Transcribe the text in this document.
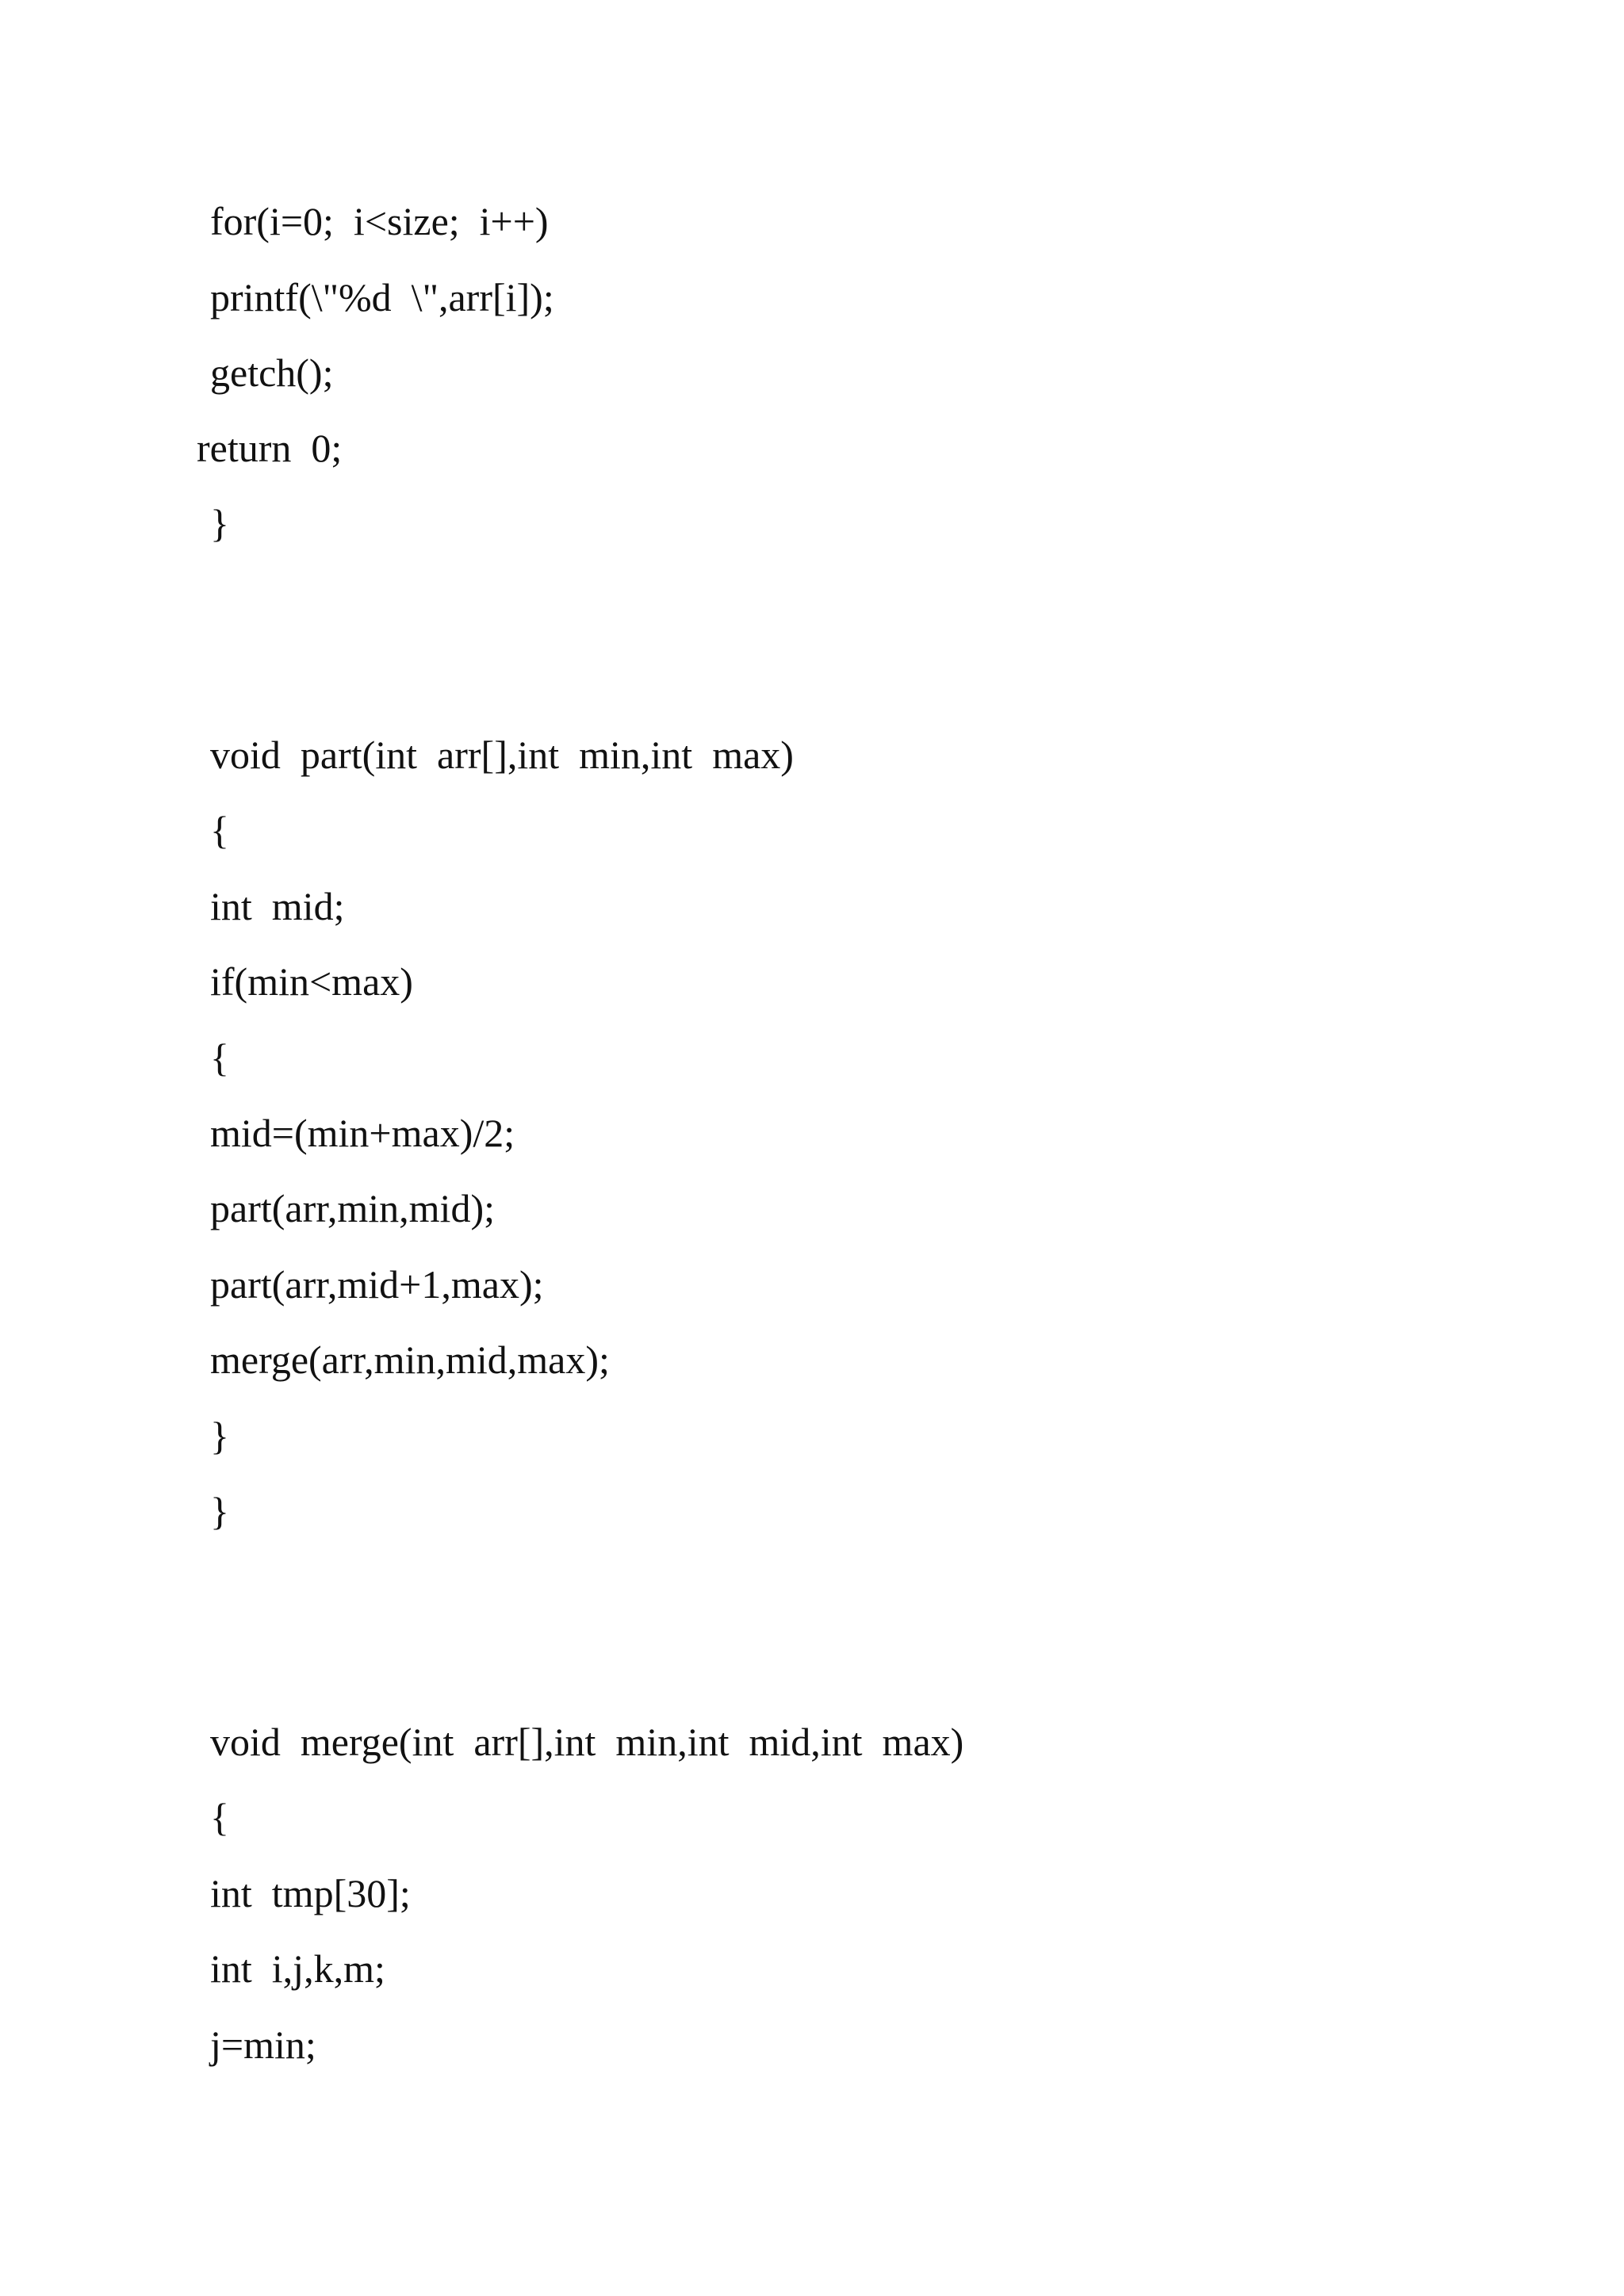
for(i=0;  i<size;  i++)

printf(\"%d  \",arr[i]);

getch();

return  0;

}

void  part(int  arr[],int  min,int  max)

{

int  mid;

if(min<max)

{

mid=(min+max)/2;

part(arr,min,mid);

part(arr,mid+1,max);

merge(arr,min,mid,max);

}

}

void  merge(int  arr[],int  min,int  mid,int  max)

{

int  tmp[30];

int  i,j,k,m;

j=min;
